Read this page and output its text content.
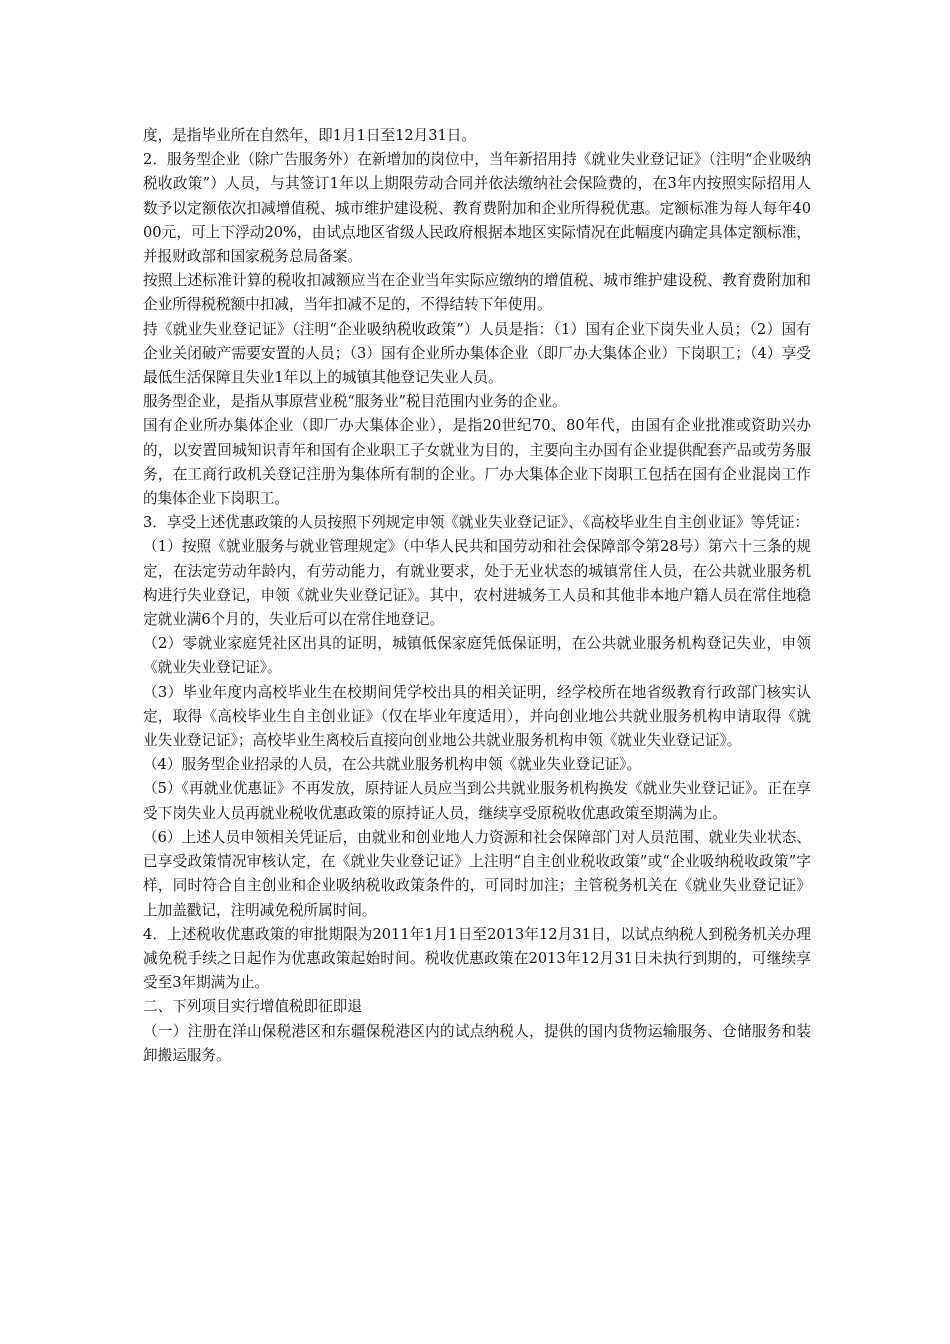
度，是指毕业所在自然年，即1月1日至12月31日。

2．服务型企业（除广告服务外）在新增加的岗位中，当年新招用持《就业失业登记证》（注明“企业吸纳税收政策”）人员，与其签订1年以上期限劳动合同并依法缴纳社会保险费的，在3年内按照实际招用人数予以定额依次扣减增值税、城市维护建设税、教育费附加和企业所得税优惠。定额标准为每人每年4000元，可上下浮动20%，由试点地区省级人民政府根据本地区实际情况在此幅度内确定具体定额标准，并报财政部和国家税务总局备案。

按照上述标准计算的税收扣减额应当在企业当年实际应缴纳的增值税、城市维护建设税、教育费附加和企业所得税税额中扣减，当年扣减不足的，不得结转下年使用。

持《就业失业登记证》（注明“企业吸纳税收政策”）人员是指：（1）国有企业下岗失业人员；（2）国有企业关闭破产需要安置的人员；（3）国有企业所办集体企业（即厂办大集体企业）下岗职工；（4）享受最低生活保障且失业1年以上的城镇其他登记失业人员。

服务型企业，是指从事原营业税“服务业”税目范围内业务的企业。

国有企业所办集体企业（即厂办大集体企业），是指20世纪70、80年代，由国有企业批准或资助兴办的，以安置回城知识青年和国有企业职工子女就业为目的，主要向主办国有企业提供配套产品或劳务服务，在工商行政机关登记注册为集体所有制的企业。厂办大集体企业下岗职工包括在国有企业混岗工作的集体企业下岗职工。

3．享受上述优惠政策的人员按照下列规定申领《就业失业登记证》、《高校毕业生自主创业证》等凭证：

（1）按照《就业服务与就业管理规定》（中华人民共和国劳动和社会保障部令第28号）第六十三条的规定，在法定劳动年龄内，有劳动能力，有就业要求，处于无业状态的城镇常住人员，在公共就业服务机构进行失业登记，申领《就业失业登记证》。其中，农村进城务工人员和其他非本地户籍人员在常住地稳定就业满6个月的，失业后可以在常住地登记。

（2）零就业家庭凭社区出具的证明，城镇低保家庭凭低保证明，在公共就业服务机构登记失业，申领《就业失业登记证》。

（3）毕业年度内高校毕业生在校期间凭学校出具的相关证明，经学校所在地省级教育行政部门核实认定，取得《高校毕业生自主创业证》（仅在毕业年度适用），并向创业地公共就业服务机构申请取得《就业失业登记证》；高校毕业生离校后直接向创业地公共就业服务机构申领《就业失业登记证》。

（4）服务型企业招录的人员，在公共就业服务机构申领《就业失业登记证》。

（5）《再就业优惠证》不再发放，原持证人员应当到公共就业服务机构换发《就业失业登记证》。正在享受下岗失业人员再就业税收优惠政策的原持证人员，继续享受原税收优惠政策至期满为止。

（6）上述人员申领相关凭证后，由就业和创业地人力资源和社会保障部门对人员范围、就业失业状态、已享受政策情况审核认定，在《就业失业登记证》上注明“自主创业税收政策”或“企业吸纳税收政策”字样，同时符合自主创业和企业吸纳税收政策条件的，可同时加注；主管税务机关在《就业失业登记证》上加盖戳记，注明减免税所属时间。

4．上述税收优惠政策的审批期限为2011年1月1日至2013年12月31日，以试点纳税人到税务机关办理减免税手续之日起作为优惠政策起始时间。税收优惠政策在2013年12月31日未执行到期的，可继续享受至3年期满为止。

二、下列项目实行增值税即征即退

（一）注册在洋山保税港区和东疆保税港区内的试点纳税人，提供的国内货物运输服务、仓储服务和装卸搬运服务。
